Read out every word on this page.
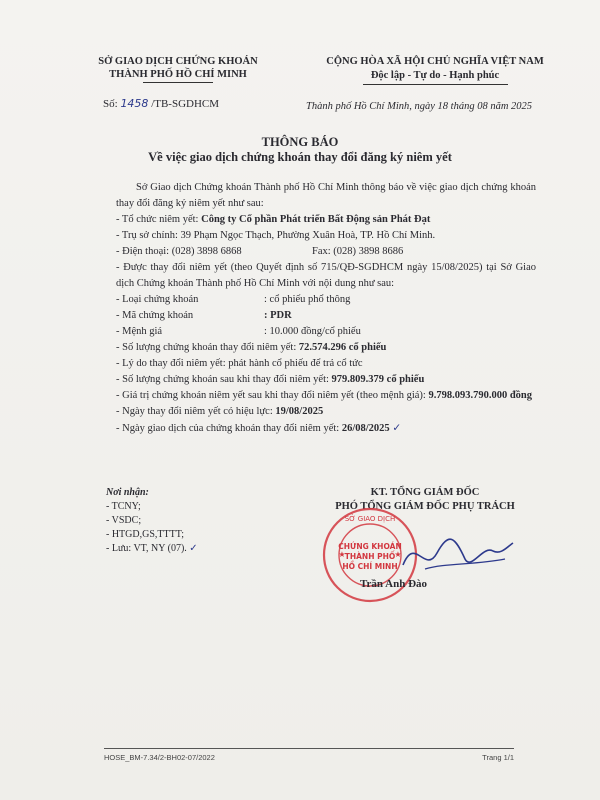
SỞ GIAO DỊCH CHỨNG KHOÁN
THÀNH PHỐ HỒ CHÍ MINH
CỘNG HÒA XÃ HỘI CHỦ NGHĨA VIỆT NAM
Độc lập - Tự do - Hạnh phúc
Số: 1458 /TB-SGDHCM	Thành phố Hồ Chí Minh, ngày 18 tháng 08 năm 2025
THÔNG BÁO
Về việc giao dịch chứng khoán thay đổi đăng ký niêm yết

Sở Giao dịch Chứng khoán Thành phố Hồ Chí Minh thông báo về việc giao dịch chứng khoán thay đổi đăng ký niêm yết như sau:

- Tổ chức niêm yết: Công ty Cổ phần Phát triển Bất Động sản Phát Đạt

- Trụ sở chính: 39 Phạm Ngọc Thạch, Phường Xuân Hoà, TP. Hồ Chí Minh.

- Điện thoại: (028) 3898 6868	Fax: (028) 3898 8686

- Được thay đổi niêm yết (theo Quyết định số 715/QĐ-SGDHCM ngày 15/08/2025) tại Sở Giao dịch Chứng khoán Thành phố Hồ Chí Minh với nội dung như sau:

- Loại chứng khoán	: cổ phiếu phổ thông

- Mã chứng khoán	: PDR

- Mệnh giá	: 10.000 đồng/cổ phiếu

- Số lượng chứng khoán thay đổi niêm yết: 72.574.296 cổ phiếu

- Lý do thay đổi niêm yết: phát hành cổ phiếu để trả cổ tức

- Số lượng chứng khoán sau khi thay đổi niêm yết: 979.809.379 cổ phiếu

- Giá trị chứng khoán niêm yết sau khi thay đổi niêm yết (theo mệnh giá): 9.798.093.790.000 đồng

- Ngày thay đổi niêm yết có hiệu lực: 19/08/2025

- Ngày giao dịch của chứng khoán thay đổi niêm yết: 26/08/2025 ✓

Nơi nhận:
- TCNY;
- VSDC;
- HTGD,GS,TTTT;
- Lưu: VT, NY (07). ✓
KT. TỔNG GIÁM ĐỐC
PHÓ TỔNG GIÁM ĐỐC PHỤ TRÁCH
SỞ GIAO DỊCH
CHỨNG KHOÁN
THÀNH PHỐ
HỒ CHÍ MINH
★	★
Trần Anh Đào
HOSE_BM-7.34/2-BH02-07/2022	Trang 1/1
